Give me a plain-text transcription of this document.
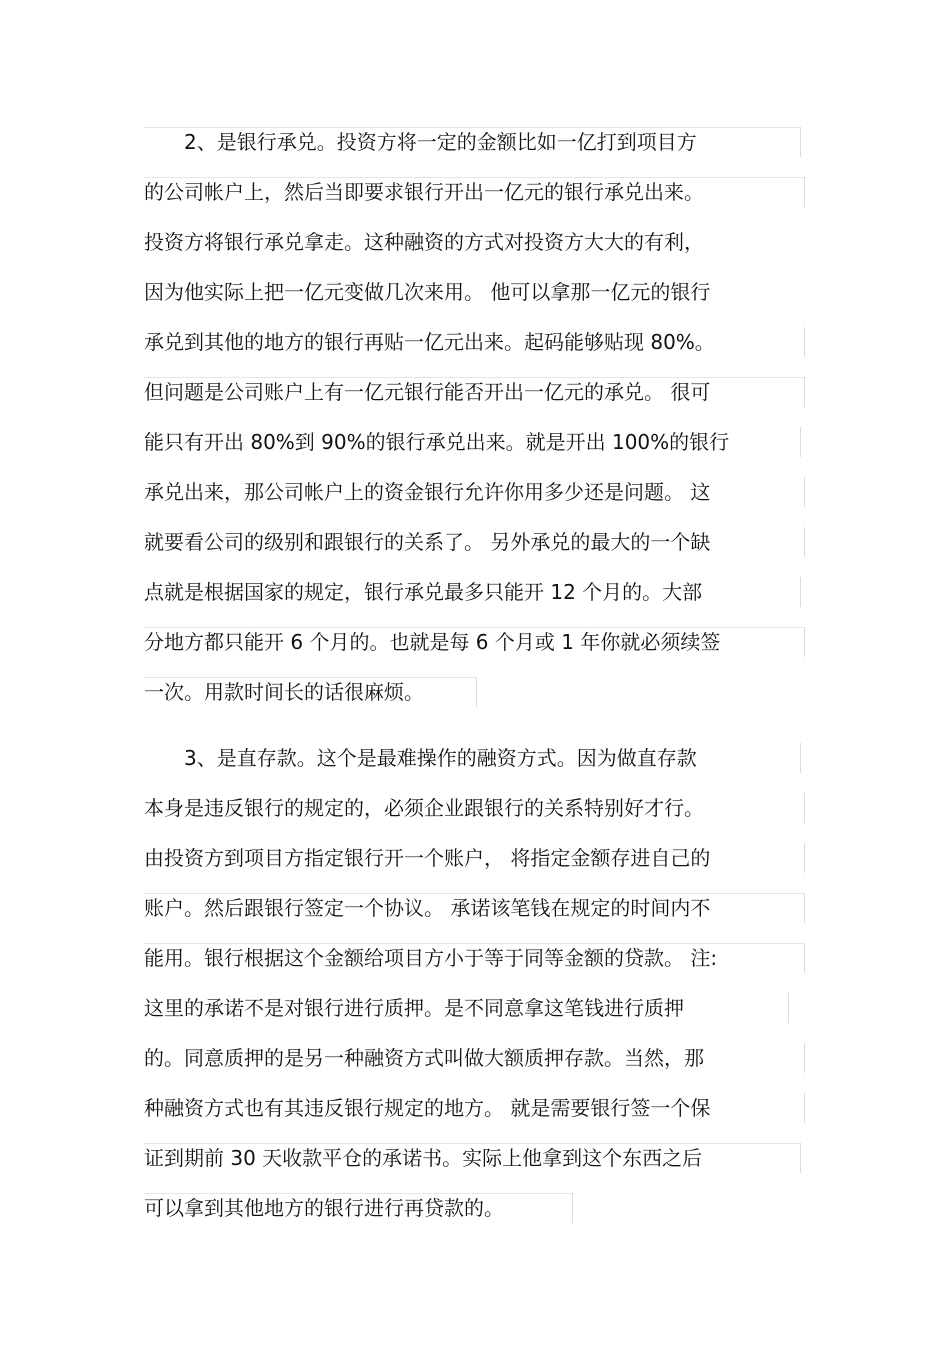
　　2、是银行承兑。投资方将一定的金额比如一亿打到项目方
的公司帐户上，然后当即要求银行开出一亿元的银行承兑出来。
投资方将银行承兑拿走。这种融资的方式对投资方大大的有利，
因为他实际上把一亿元变做几次来用。 他可以拿那一亿元的银行
承兑到其他的地方的银行再贴一亿元出来。起码能够贴现 80%。
但问题是公司账户上有一亿元银行能否开出一亿元的承兑。 很可
能只有开出 80%到 90%的银行承兑出来。就是开出 100%的银行
承兑出来，那公司帐户上的资金银行允许你用多少还是问题。 这
就要看公司的级别和跟银行的关系了。 另外承兑的最大的一个缺
点就是根据国家的规定，银行承兑最多只能开 12 个月的。大部
分地方都只能开 6 个月的。也就是每 6 个月或 1 年你就必须续签
一次。用款时间长的话很麻烦。
　　3、是直存款。这个是最难操作的融资方式。因为做直存款
本身是违反银行的规定的，必须企业跟银行的关系特别好才行。
由投资方到项目方指定银行开一个账户， 将指定金额存进自己的
账户。然后跟银行签定一个协议。 承诺该笔钱在规定的时间内不
能用。银行根据这个金额给项目方小于等于同等金额的贷款。 注:
这里的承诺不是对银行进行质押。是不同意拿这笔钱进行质押
的。同意质押的是另一种融资方式叫做大额质押存款。当然，那
种融资方式也有其违反银行规定的地方。 就是需要银行签一个保
证到期前 30 天收款平仓的承诺书。实际上他拿到这个东西之后
可以拿到其他地方的银行进行再贷款的。
